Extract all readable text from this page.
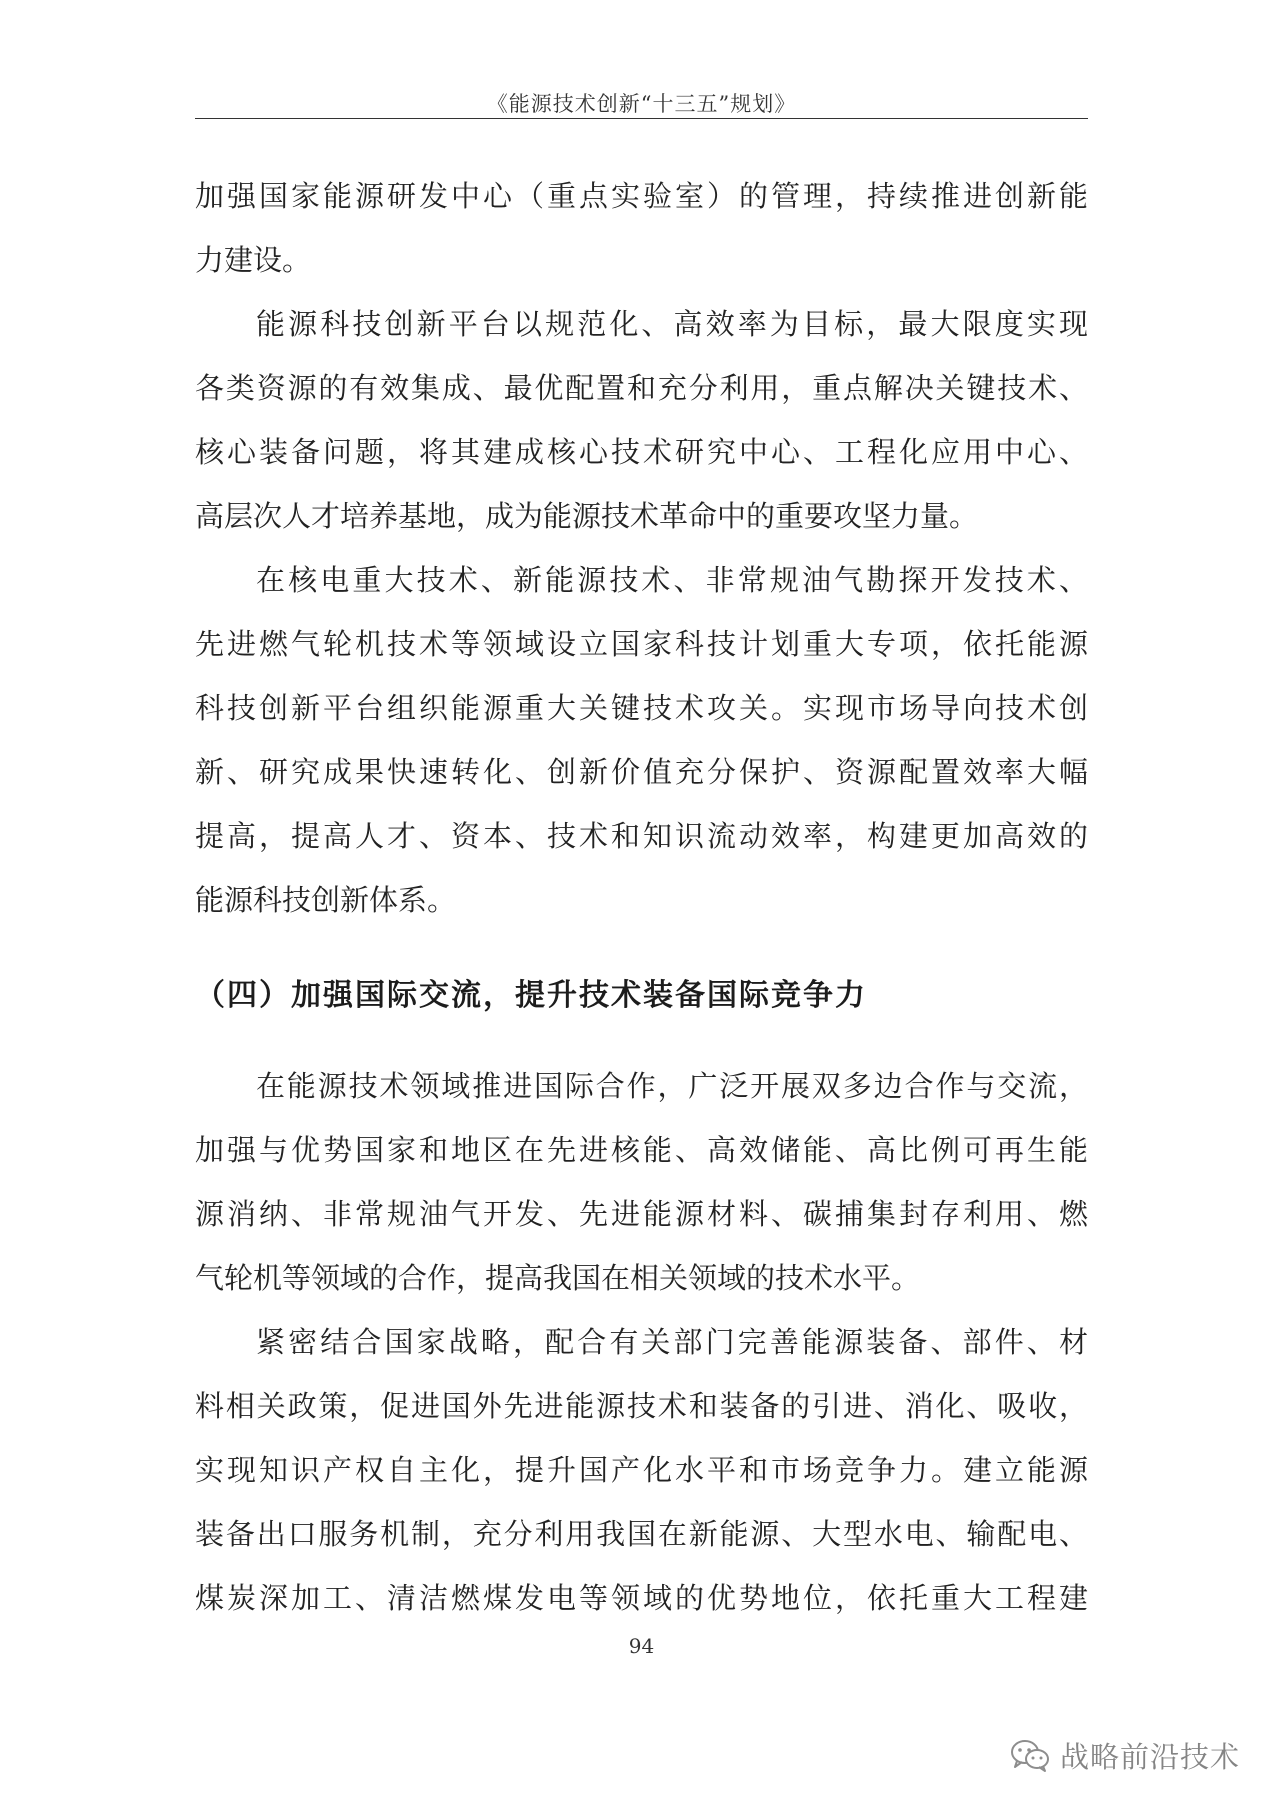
《能源技术创新“十三五”规划》
加强国家能源研发中心（重点实验室）的管理，持续推进创新能
力建设。
能源科技创新平台以规范化、高效率为目标，最大限度实现
各类资源的有效集成、最优配置和充分利用，重点解决关键技术、
核心装备问题，将其建成核心技术研究中心、工程化应用中心、
高层次人才培养基地，成为能源技术革命中的重要攻坚力量。
在核电重大技术、新能源技术、非常规油气勘探开发技术、
先进燃气轮机技术等领域设立国家科技计划重大专项，依托能源
科技创新平台组织能源重大关键技术攻关。实现市场导向技术创
新、研究成果快速转化、创新价值充分保护、资源配置效率大幅
提高，提高人才、资本、技术和知识流动效率，构建更加高效的
能源科技创新体系。
（四）加强国际交流，提升技术装备国际竞争力
在能源技术领域推进国际合作，广泛开展双多边合作与交流，
加强与优势国家和地区在先进核能、高效储能、高比例可再生能
源消纳、非常规油气开发、先进能源材料、碳捕集封存利用、燃
气轮机等领域的合作，提高我国在相关领域的技术水平。
紧密结合国家战略，配合有关部门完善能源装备、部件、材
料相关政策，促进国外先进能源技术和装备的引进、消化、吸收，
实现知识产权自主化，提升国产化水平和市场竞争力。建立能源
装备出口服务机制，充分利用我国在新能源、大型水电、输配电、
煤炭深加工、清洁燃煤发电等领域的优势地位，依托重大工程建
94
战略前沿技术
